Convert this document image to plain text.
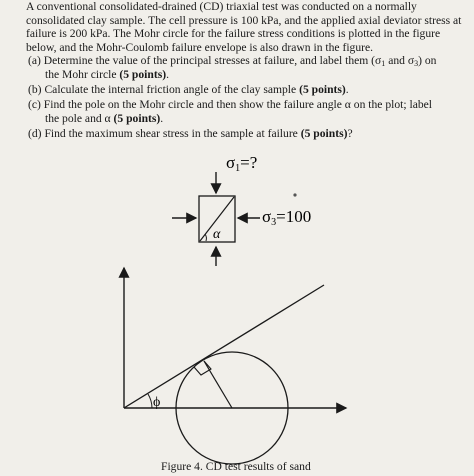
A conventional consolidated-drained (CD) triaxial test was conducted on a normally consolidated clay sample. The cell pressure is 100 kPa, and the applied axial deviator stress at failure is 200 kPa. The Mohr circle for the failure stress conditions is plotted in the figure below, and the Mohr-Coulomb failure envelope is also drawn in the figure.

(a) Determine the value of the principal stresses at failure, and label them ($\sigma_1$ and $\sigma_3$) on

the Mohr circle (5 points).

(b) Calculate the internal friction angle of the clay sample (5 points).

(c) Find the pole on the Mohr circle and then show the failure angle α on the plot; label

the pole and α (5 points).

(d) Find the maximum shear stress in the sample at failure (5 points)?

σ1=?
α
σ3=100
ϕ

Figure 4. CD test results of sand
